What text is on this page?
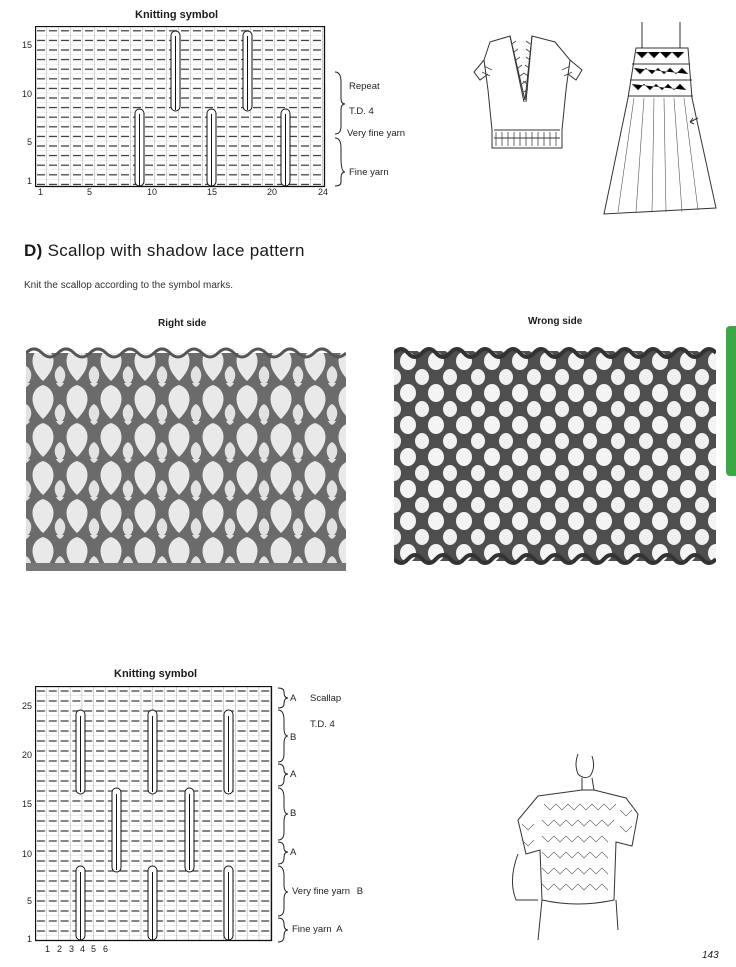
Knitting symbol
15
10
5
1
1	5	10	15	20	24
Repeat
T.D. 4
Very fine yarn
Fine yarn
D) Scallop with shadow lace pattern
Knit the scallop according to the symbol marks.
Right side	Wrong side
Knitting symbol
25
20
15
10
5
1
1 2 3 4 5 6
A Scallap
T.D. 4
B
A
B
A
Very fine yarn B
Fine yarn A
143
